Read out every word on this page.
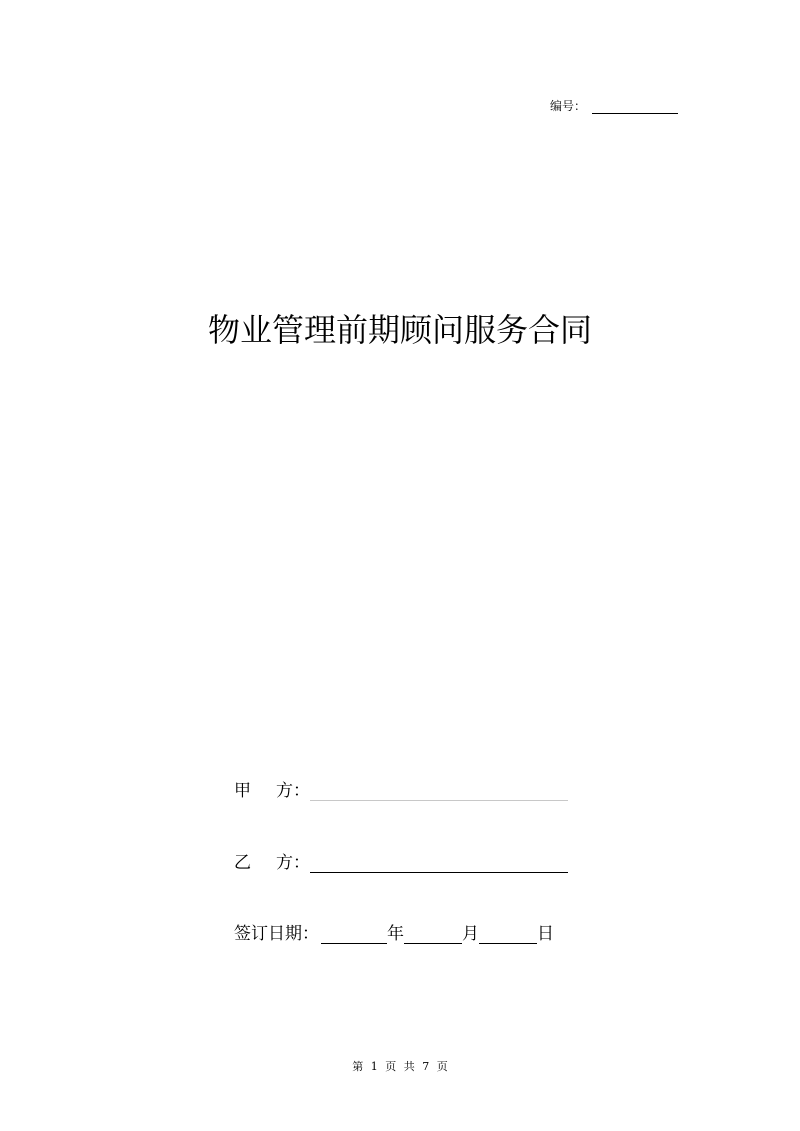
编号：
物业管理前期顾问服务合同
甲 方：
乙 方：
签订日期：	年	月	日
第 1 页 共 7 页
